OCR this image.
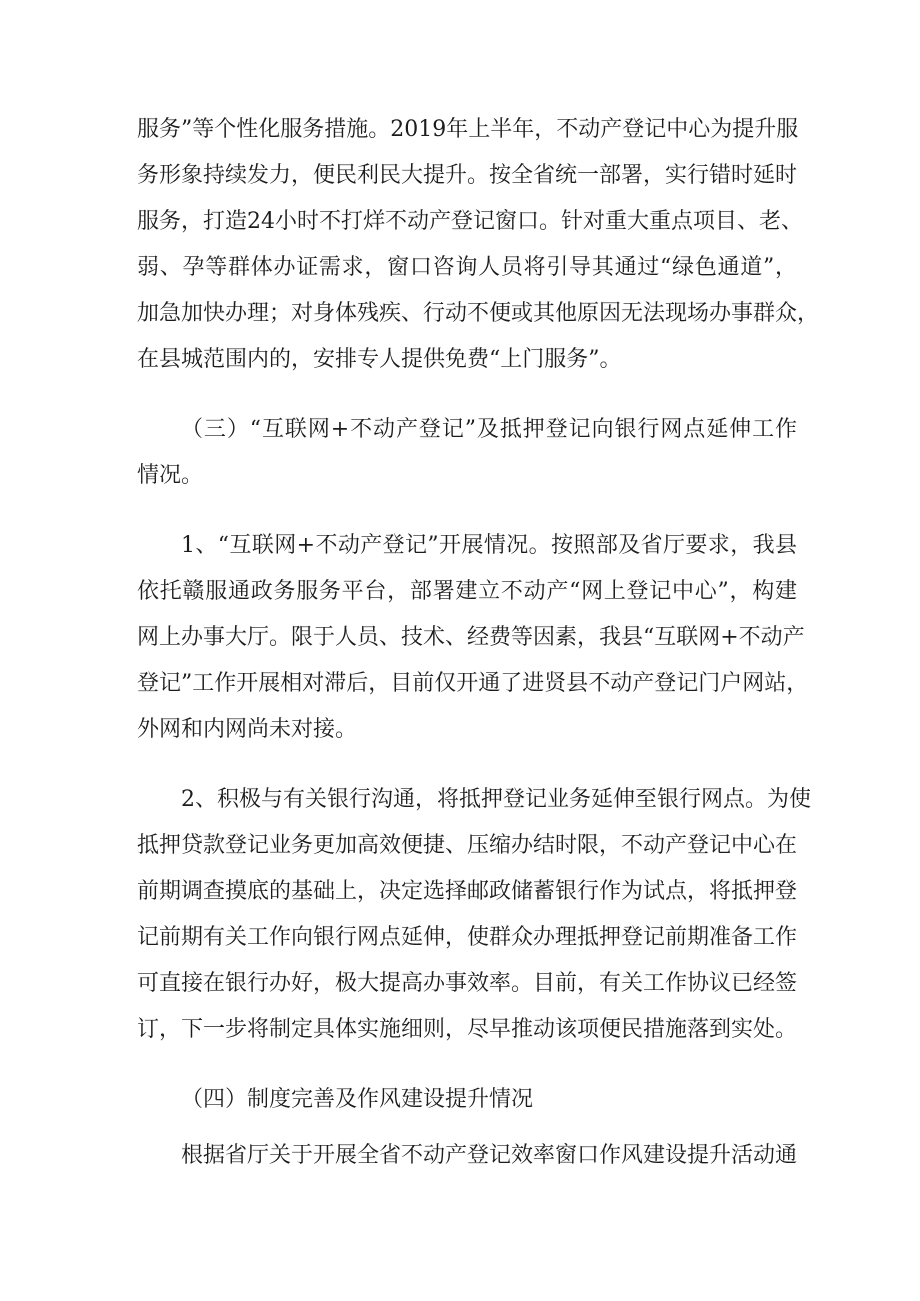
服务”等个性化服务措施。2019年上半年，不动产登记中心为提升服

务形象持续发力，便民利民大提升。按全省统一部署，实行错时延时

服务，打造24小时不打烊不动产登记窗口。针对重大重点项目、老、

弱、孕等群体办证需求，窗口咨询人员将引导其通过“绿色通道”，

加急加快办理；对身体残疾、行动不便或其他原因无法现场办事群众，

在县城范围内的，安排专人提供免费“上门服务”。

（三）“互联网+不动产登记”及抵押登记向银行网点延伸工作

情况。

1、“互联网+不动产登记”开展情况。按照部及省厅要求，我县

依托赣服通政务服务平台，部署建立不动产“网上登记中心”，构建

网上办事大厅。限于人员、技术、经费等因素，我县“互联网+不动产

登记”工作开展相对滞后，目前仅开通了进贤县不动产登记门户网站，

外网和内网尚未对接。

2、积极与有关银行沟通，将抵押登记业务延伸至银行网点。为使

抵押贷款登记业务更加高效便捷、压缩办结时限，不动产登记中心在

前期调查摸底的基础上，决定选择邮政储蓄银行作为试点，将抵押登

记前期有关工作向银行网点延伸，使群众办理抵押登记前期准备工作

可直接在银行办好，极大提高办事效率。目前，有关工作协议已经签

订，下一步将制定具体实施细则，尽早推动该项便民措施落到实处。

（四）制度完善及作风建设提升情况

根据省厅关于开展全省不动产登记效率窗口作风建设提升活动通
